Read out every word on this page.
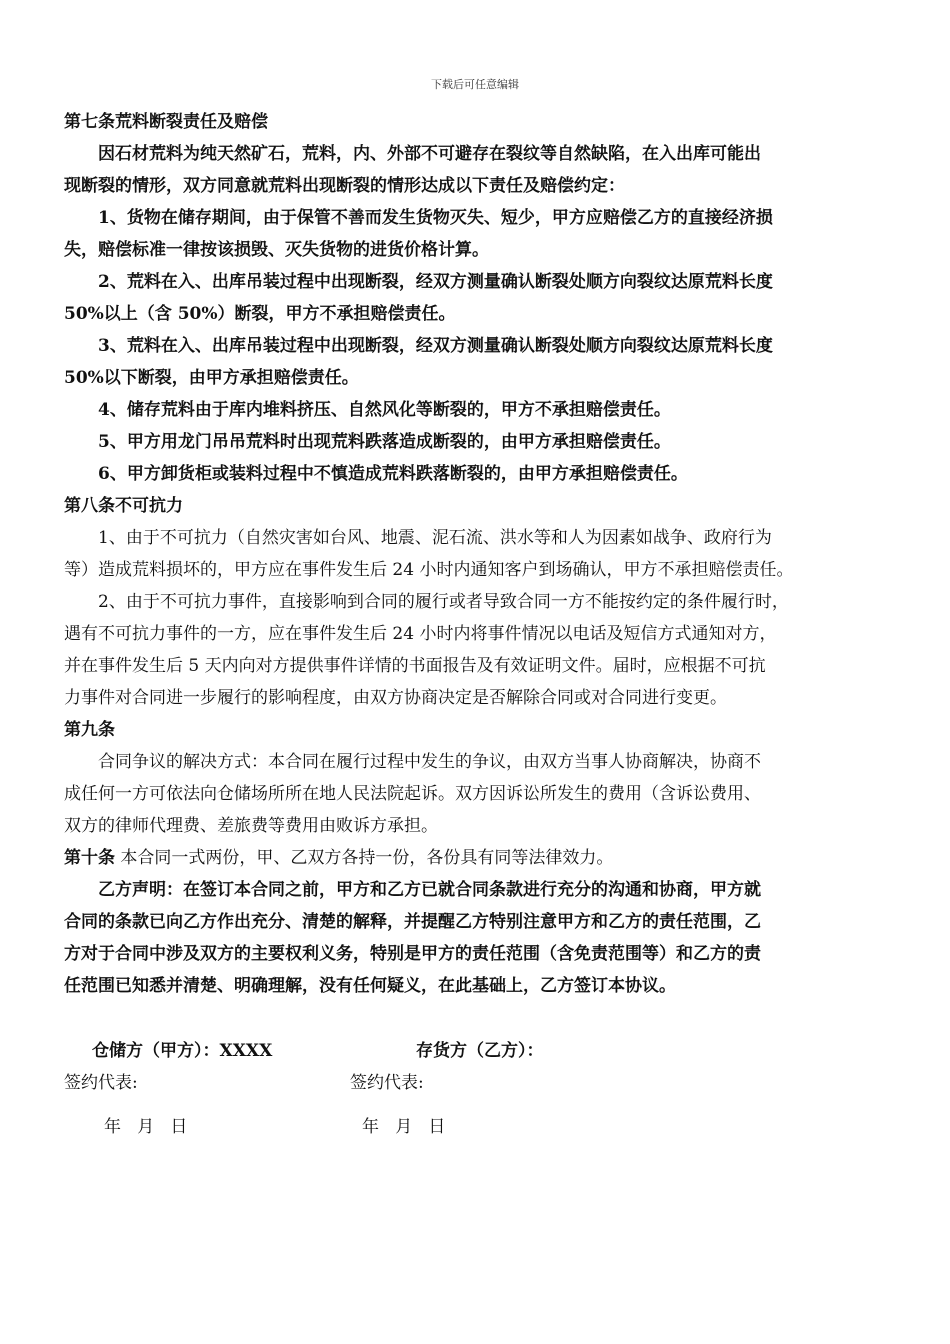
下载后可任意编辑
第七条荒料断裂责任及赔偿
因石材荒料为纯天然矿石，荒料，内、外部不可避存在裂纹等自然缺陷，在入出库可能出
现断裂的情形，双方同意就荒料出现断裂的情形达成以下责任及赔偿约定：
1、货物在储存期间，由于保管不善而发生货物灭失、短少，甲方应赔偿乙方的直接经济损
失，赔偿标准一律按该损毁、灭失货物的进货价格计算。
2、荒料在入、出库吊装过程中出现断裂，经双方测量确认断裂处顺方向裂纹达原荒料长度
50%以上（含 50%）断裂，甲方不承担赔偿责任。
3、荒料在入、出库吊装过程中出现断裂，经双方测量确认断裂处顺方向裂纹达原荒料长度
50%以下断裂，由甲方承担赔偿责任。
4、储存荒料由于库内堆料挤压、自然风化等断裂的，甲方不承担赔偿责任。
5、甲方用龙门吊吊荒料时出现荒料跌落造成断裂的，由甲方承担赔偿责任。
6、甲方卸货柜或装料过程中不慎造成荒料跌落断裂的，由甲方承担赔偿责任。
第八条不可抗力
1、由于不可抗力（自然灾害如台风、地震、泥石流、洪水等和人为因素如战争、政府行为
等）造成荒料损坏的，甲方应在事件发生后 24 小时内通知客户到场确认，甲方不承担赔偿责任。
2、由于不可抗力事件，直接影响到合同的履行或者导致合同一方不能按约定的条件履行时，
遇有不可抗力事件的一方，应在事件发生后 24 小时内将事件情况以电话及短信方式通知对方，
并在事件发生后 5 天内向对方提供事件详情的书面报告及有效证明文件。届时，应根据不可抗
力事件对合同进一步履行的影响程度，由双方协商决定是否解除合同或对合同进行变更。
第九条
合同争议的解决方式：本合同在履行过程中发生的争议，由双方当事人协商解决，协商不
成任何一方可依法向仓储场所所在地人民法院起诉。双方因诉讼所发生的费用（含诉讼费用、
双方的律师代理费、差旅费等费用由败诉方承担。
第十条 本合同一式两份，甲、乙双方各持一份，各份具有同等法律效力。
乙方声明：在签订本合同之前，甲方和乙方已就合同条款进行充分的沟通和协商，甲方就
合同的条款已向乙方作出充分、清楚的解释，并提醒乙方特别注意甲方和乙方的责任范围，乙
方对于合同中涉及双方的主要权利义务，特别是甲方的责任范围（含免责范围等）和乙方的责
任范围已知悉并清楚、明确理解，没有任何疑义，在此基础上，乙方签订本协议。
仓储方（甲方）：XXXX	存货方（乙方）：
签约代表:	签约代表:
年   月   日	年   月   日
